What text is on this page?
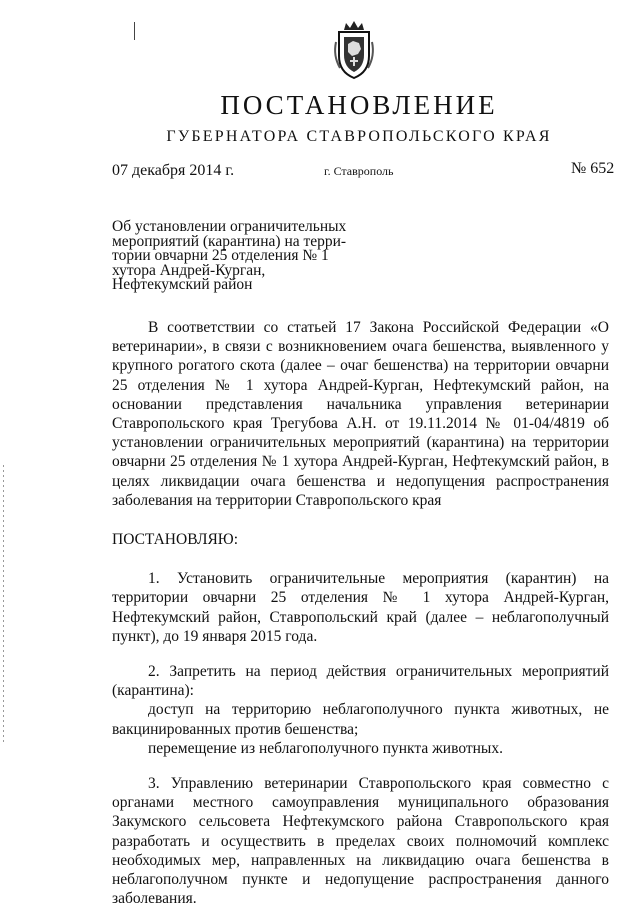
ПОСТАНОВЛЕНИЕ
ГУБЕРНАТОРА СТАВРОПОЛЬСКОГО КРАЯ
07 декабря 2014 г.	г. Ставрополь	№ 652
Об установлении ограничительных
мероприятий (карантина) на терри-
тории овчарни 25 отделения № 1
хутора Андрей-Курган,
Нефтекумский район

В соответствии со статьей 17 Закона Российской Федерации «О ветеринарии», в связи с возникновением очага бешенства, выявленного у крупного рогатого скота (далее – очаг бешенства) на территории овчарни 25 отделения № 1 хутора Андрей-Курган, Нефтекумский район, на основании представления начальника управления ветеринарии Ставропольского края Трегубова А.Н. от 19.11.2014 № 01-04/4819 об установлении ограничительных мероприятий (карантина) на территории овчарни 25 отделения № 1 хутора Андрей-Курган, Нефтекумский район, в целях ликвидации очага бешенства и недопущения распространения заболевания на территории Ставропольского края

ПОСТАНОВЛЯЮ:

1. Установить ограничительные мероприятия (карантин) на территории овчарни 25 отделения № 1 хутора Андрей-Курган, Нефтекумский район, Ставропольский край (далее – неблагополучный пункт), до 19 января 2015 года.

2. Запретить на период действия ограничительных мероприятий (карантина):

доступ на территорию неблагополучного пункта животных, не вакцинированных против бешенства;

перемещение из неблагополучного пункта животных.

3. Управлению ветеринарии Ставропольского края совместно с органами местного самоуправления муниципального образования Закумского сельсовета Нефтекумского района Ставропольского края разработать и осуществить в пределах своих полномочий комплекс необходимых мер, направленных на ликвидацию очага бешенства в неблагополучном пункте и недопущение распространения данного заболевания.
